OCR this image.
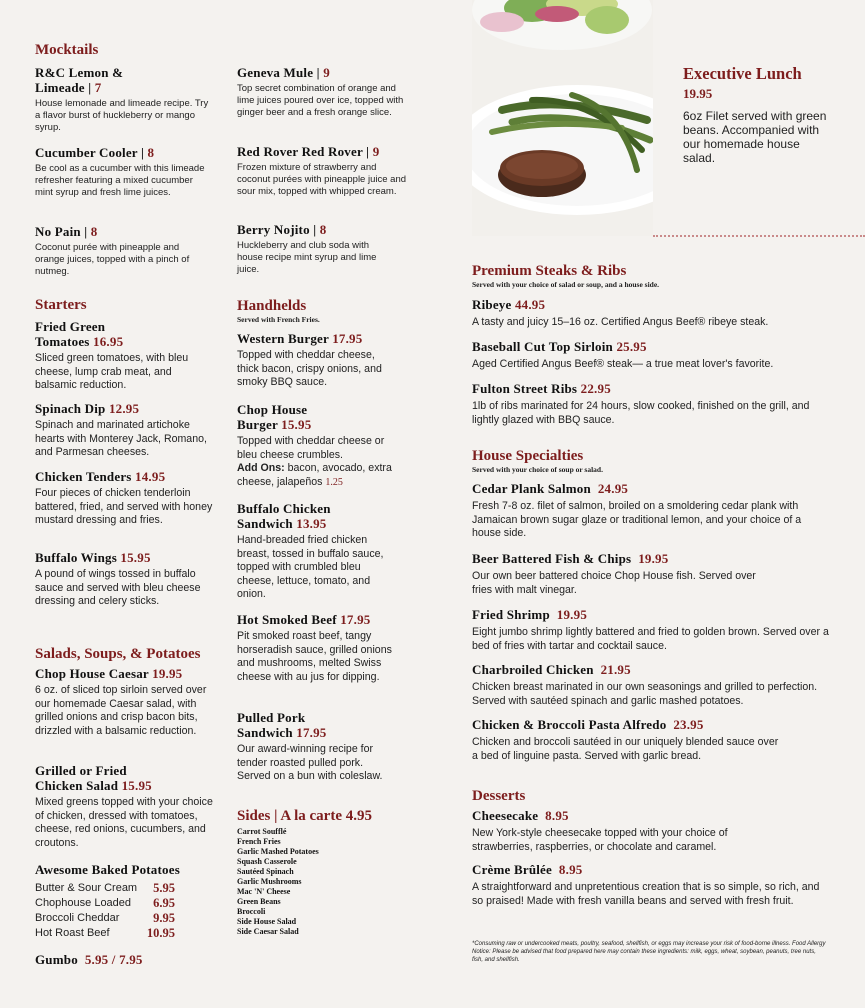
Mocktails
R&C Lemon &
Limeade | 7
House lemonade and limeade recipe. Try a flavor burst of huckleberry or mango syrup.
Cucumber Cooler | 8
Be cool as a cucumber with this limeade refresher featuring a mixed cucumber mint syrup and fresh lime juices.
No Pain | 8
Coconut purée with pineapple and orange juices, topped with a pinch of nutmeg.
Starters
Fried Green
Tomatoes 16.95
Sliced green tomatoes, with bleu cheese, lump crab meat, and balsamic reduction.
Spinach Dip 12.95
Spinach and marinated artichoke hearts with Monterey Jack, Romano, and Parmesan cheeses.
Chicken Tenders 14.95
Four pieces of chicken tenderloin battered, fried, and served with honey mustard dressing and fries.
Buffalo Wings 15.95
A pound of wings tossed in buffalo sauce and served with bleu cheese dressing and celery sticks.
Salads, Soups, & Potatoes
Chop House Caesar 19.95
6 oz. of sliced top sirloin served over our homemade Caesar salad, with grilled onions and crisp bacon bits, drizzled with a balsamic reduction.
Grilled or Fried
Chicken Salad 15.95
Mixed greens topped with your choice of chicken, dressed with tomatoes, cheese, red onions, cucumbers, and croutons.
Awesome Baked Potatoes
Butter & Sour Cream	5.95
Chophouse Loaded	6.95
Broccoli Cheddar	9.95
Hot Roast Beef	10.95
Gumbo 5.95 / 7.95
Geneva Mule | 9
Top secret combination of orange and lime juices poured over ice, topped with ginger beer and a fresh orange slice.
Red Rover Red Rover | 9
Frozen mixture of strawberry and coconut purées with pineapple juice and sour mix, topped with whipped cream.
Berry Nojito | 8
Huckleberry and club soda with house recipe mint syrup and lime juice.
Handhelds
Served with French Fries.
Western Burger 17.95
Topped with cheddar cheese, thick bacon, crispy onions, and smoky BBQ sauce.
Chop House
Burger 15.95
Topped with cheddar cheese or bleu cheese crumbles.
Add Ons: bacon, avocado, extra cheese, jalapeños 1.25
Buffalo Chicken
Sandwich 13.95
Hand-breaded fried chicken breast, tossed in buffalo sauce, topped with crumbled bleu cheese, lettuce, tomato, and onion.
Hot Smoked Beef 17.95
Pit smoked roast beef, tangy horseradish sauce, grilled onions and mushrooms, melted Swiss cheese with au jus for dipping.
Pulled Pork
Sandwich 17.95
Our award-winning recipe for tender roasted pulled pork. Served on a bun with coleslaw.
Sides | A la carte 4.95
Carrot Soufflé
French Fries
Garlic Mashed Potatoes
Squash Casserole
Sautéed Spinach
Garlic Mushrooms
Mac 'N' Cheese
Green Beans
Broccoli
Side House Salad
Side Caesar Salad
Executive Lunch
19.95
6oz Filet served with green beans. Accompanied with our homemade house salad.
Premium Steaks & Ribs
Served with your choice of salad or soup, and a house side.
Ribeye 44.95
A tasty and juicy 15–16 oz. Certified Angus Beef® ribeye steak.
Baseball Cut Top Sirloin 25.95
Aged Certified Angus Beef® steak— a true meat lover's favorite.
Fulton Street Ribs 22.95
1lb of ribs marinated for 24 hours, slow cooked, finished on the grill, and lightly glazed with BBQ sauce.
House Specialties
Served with your choice of soup or salad.
Cedar Plank Salmon 24.95
Fresh 7-8 oz. filet of salmon, broiled on a smoldering cedar plank with Jamaican brown sugar glaze or traditional lemon, and your choice of a house side.
Beer Battered Fish & Chips 19.95
Our own beer battered choice Chop House fish. Served over fries with malt vinegar.
Fried Shrimp 19.95
Eight jumbo shrimp lightly battered and fried to golden brown. Served over a bed of fries with tartar and cocktail sauce.
Charbroiled Chicken 21.95
Chicken breast marinated in our own seasonings and grilled to perfection. Served with sautéed spinach and garlic mashed potatoes.
Chicken & Broccoli Pasta Alfredo 23.95
Chicken and broccoli sautéed in our uniquely blended sauce over a bed of linguine pasta. Served with garlic bread.
Desserts
Cheesecake 8.95
New York-style cheesecake topped with your choice of strawberries, raspberries, or chocolate and caramel.
Crème Brûlée 8.95
A straightforward and unpretentious creation that is so simple, so rich, and so praised! Made with fresh vanilla beans and served with fresh fruit.
*Consuming raw or undercooked meats, poultry, seafood, shellfish, or eggs may increase your risk of food-borne illness. Food Allergy Notice: Please be advised that food prepared here may contain these ingredients: milk, eggs, wheat, soybean, peanuts, tree nuts, fish, and shellfish.
